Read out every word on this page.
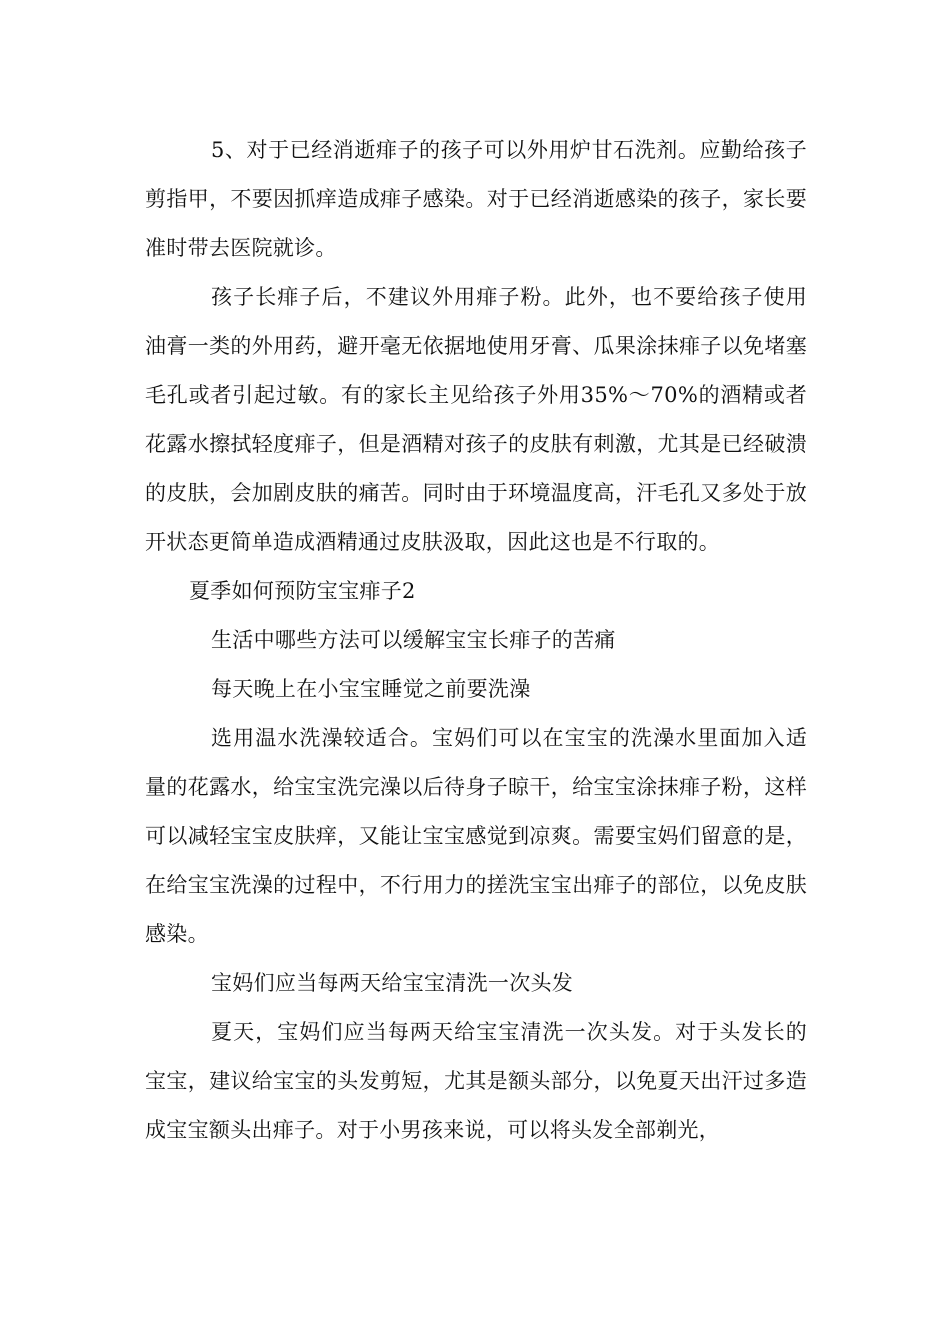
5、对于已经消逝痱子的孩子可以外用炉甘石洗剂。应勤给孩子剪指甲，不要因抓痒造成痱子感染。对于已经消逝感染的孩子，家长要准时带去医院就诊。

孩子长痱子后，不建议外用痱子粉。此外，也不要给孩子使用油膏一类的外用药，避开毫无依据地使用牙膏、瓜果涂抹痱子以免堵塞毛孔或者引起过敏。有的家长主见给孩子外用35%～70%的酒精或者花露水擦拭轻度痱子，但是酒精对孩子的皮肤有刺激，尤其是已经破溃的皮肤，会加剧皮肤的痛苦。同时由于环境温度高，汗毛孔又多处于放开状态更简单造成酒精通过皮肤汲取，因此这也是不行取的。

夏季如何预防宝宝痱子2

生活中哪些方法可以缓解宝宝长痱子的苦痛

每天晚上在小宝宝睡觉之前要洗澡

选用温水洗澡较适合。宝妈们可以在宝宝的洗澡水里面加入适量的花露水，给宝宝洗完澡以后待身子晾干，给宝宝涂抹痱子粉，这样可以减轻宝宝皮肤痒，又能让宝宝感觉到凉爽。需要宝妈们留意的是，在给宝宝洗澡的过程中，不行用力的搓洗宝宝出痱子的部位，以免皮肤感染。

宝妈们应当每两天给宝宝清洗一次头发

夏天，宝妈们应当每两天给宝宝清洗一次头发。对于头发长的宝宝，建议给宝宝的头发剪短，尤其是额头部分，以免夏天出汗过多造成宝宝额头出痱子。对于小男孩来说，可以将头发全部剃光，
